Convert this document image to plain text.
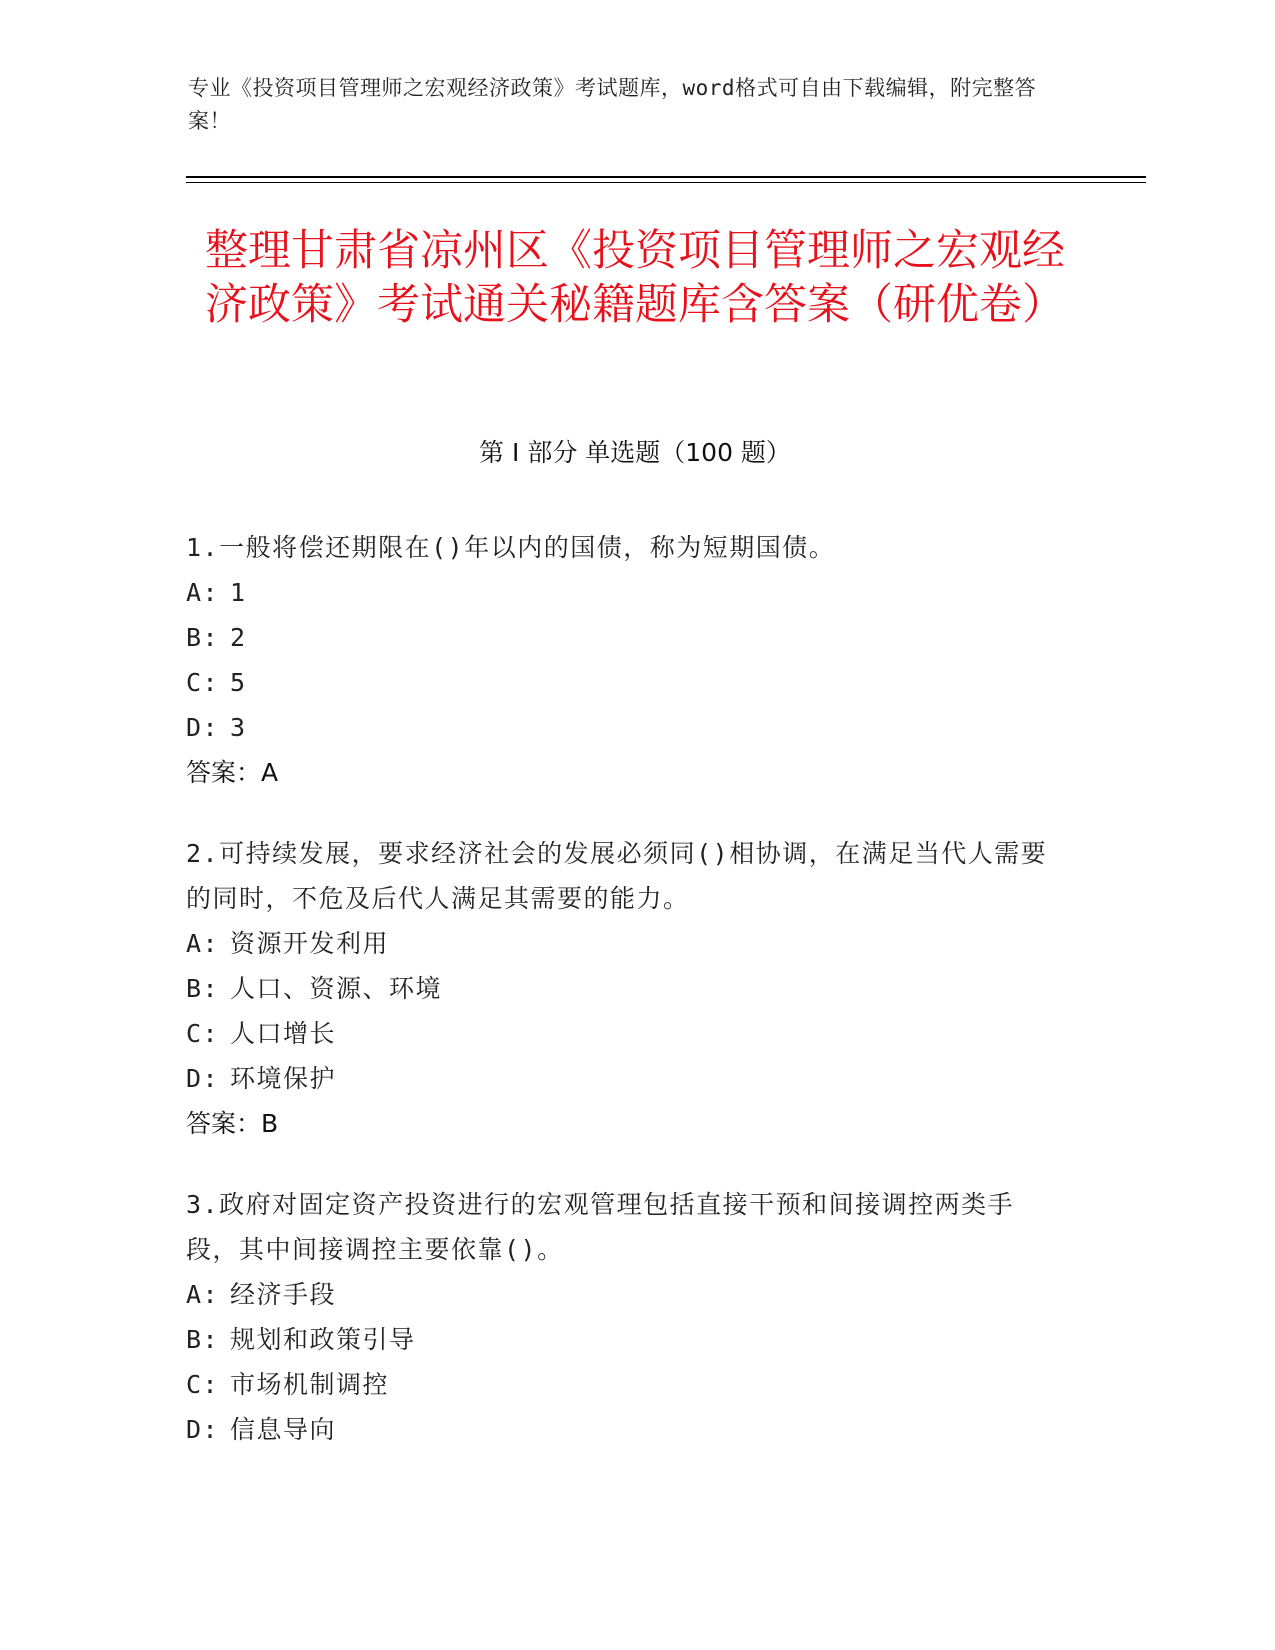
专业《投资项目管理师之宏观经济政策》考试题库，word格式可自由下载编辑，附完整答案！
整理甘肃省凉州区《投资项目管理师之宏观经济政策》考试通关秘籍题库含答案（研优卷）
第 I 部分 单选题（100 题）
1.一般将偿还期限在()年以内的国债，称为短期国债。
A: 1
B: 2
C: 5
D: 3
答案：A
2.可持续发展，要求经济社会的发展必须同()相协调，在满足当代人需要的同时，不危及后代人满足其需要的能力。
A: 资源开发利用
B: 人口、资源、环境
C: 人口增长
D: 环境保护
答案：B
3.政府对固定资产投资进行的宏观管理包括直接干预和间接调控两类手段，其中间接调控主要依靠()。
A: 经济手段
B: 规划和政策引导
C: 市场机制调控
D: 信息导向
